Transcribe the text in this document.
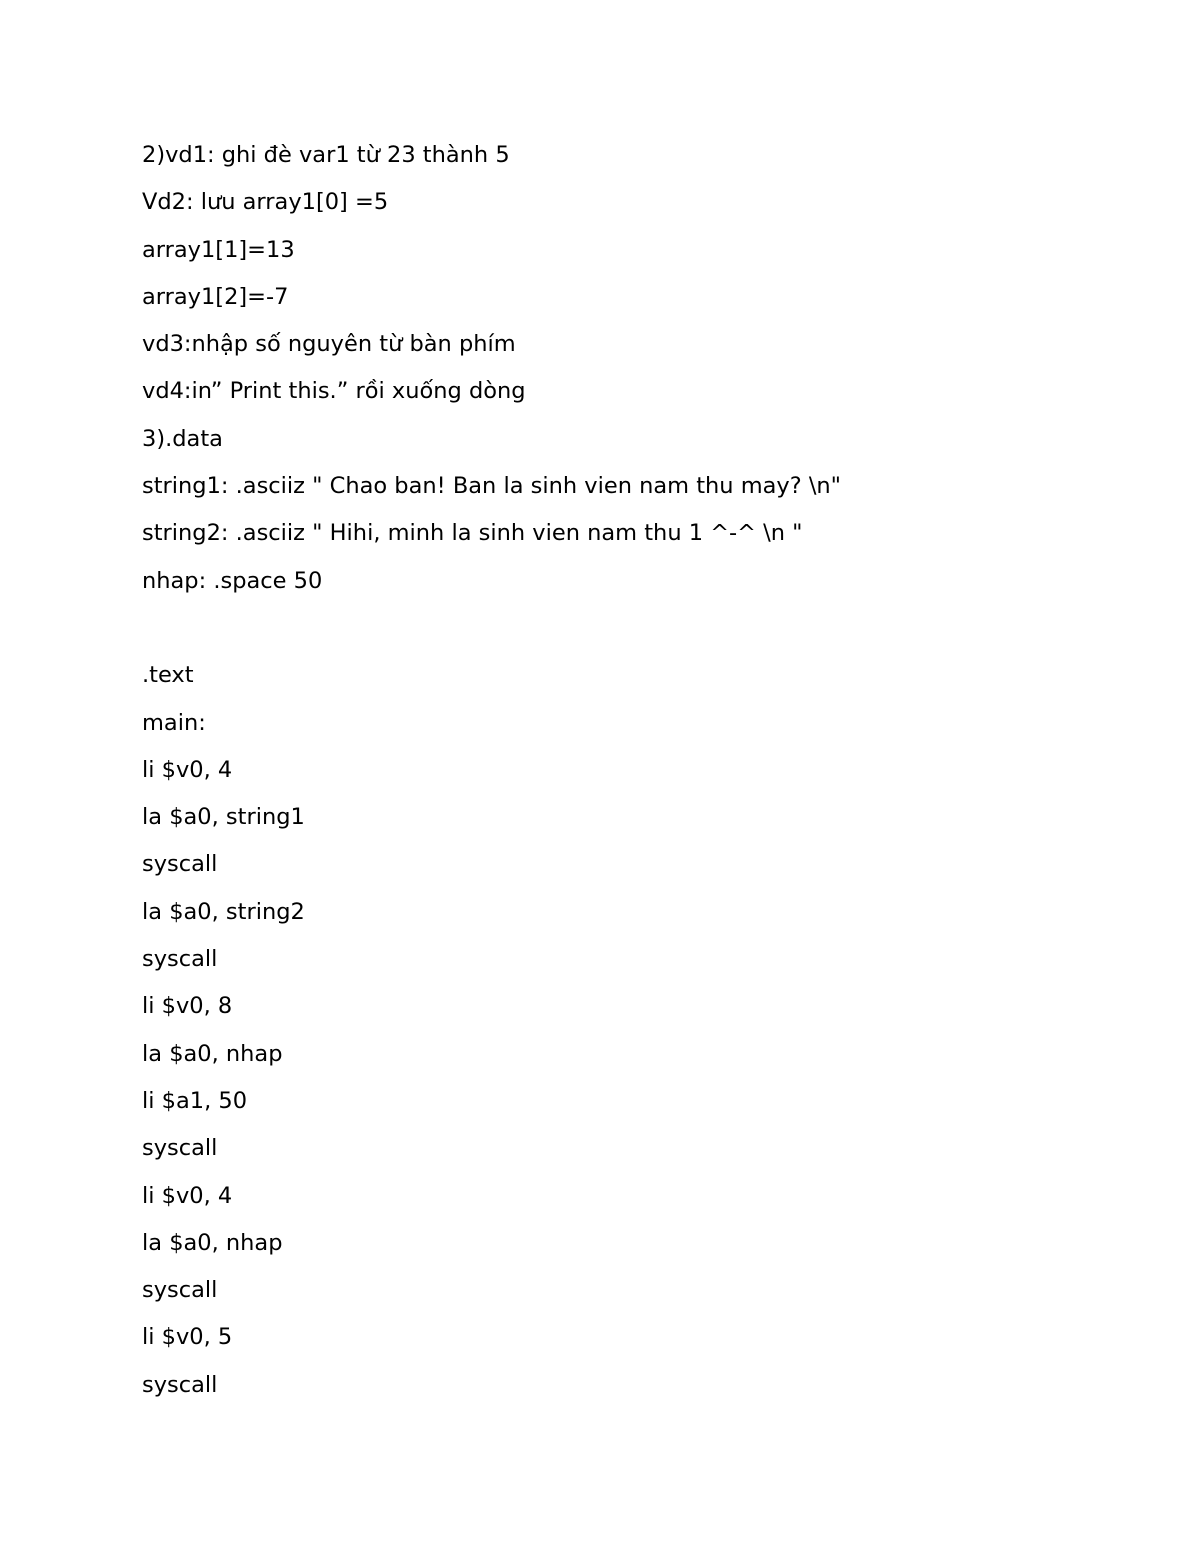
2)vd1: ghi đè var1 từ 23 thành 5
Vd2: lưu array1[0] =5
array1[1]=13
array1[2]=-7
vd3:nhập số nguyên từ bàn phím
vd4:in” Print this.” rồi xuống dòng
3).data
string1: .asciiz " Chao ban! Ban la sinh vien nam thu may? \n"
string2: .asciiz " Hihi, minh la sinh vien nam thu 1 ^-^ \n "
nhap: .space 50
.text
main:
li $v0, 4
la $a0, string1
syscall
la $a0, string2
syscall
li $v0, 8
la $a0, nhap
li $a1, 50
syscall
li $v0, 4
la $a0, nhap
syscall
li $v0, 5
syscall
